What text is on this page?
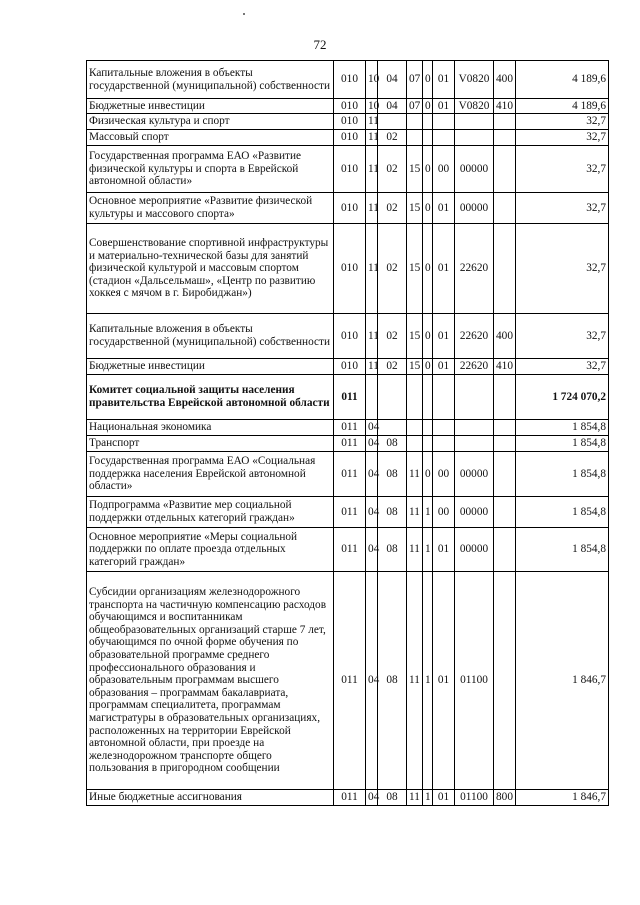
72
Капитальные вложения в объекты государственной (муниципальной) собственности	010	10	04	07	0	01	V0820	400	4 189,6
Бюджетные инвестиции	010	10	04	07	0	01	V0820	410	4 189,6
Физическая культура и спорт	010	11							32,7
Массовый спорт	010	11	02						32,7
Государственная программа ЕАО «Развитие физической культуры и спорта в Еврейской автономной области»	010	11	02	15	0	00	00000		32,7
Основное мероприятие «Развитие физической культуры и массового спорта»	010	11	02	15	0	01	00000		32,7
Совершенствование спортивной инфраструктуры и материально-технической базы для занятий физической культурой и массовым спортом (стадион «Дальсельмаш», «Центр по развитию хоккея с мячом в г. Биробиджан»)	010	11	02	15	0	01	22620		32,7
Капитальные вложения в объекты государственной (муниципальной) собственности	010	11	02	15	0	01	22620	400	32,7
Бюджетные инвестиции	010	11	02	15	0	01	22620	410	32,7
Комитет социальной защиты населения правительства Еврейской автономной области	011								1 724 070,2
Национальная экономика	011	04							1 854,8
Транспорт	011	04	08						1 854,8
Государственная программа ЕАО «Социальная поддержка населения Еврейской автономной области»	011	04	08	11	0	00	00000		1 854,8
Подпрограмма «Развитие мер социальной поддержки отдельных категорий граждан»	011	04	08	11	1	00	00000		1 854,8
Основное мероприятие «Меры социальной поддержки по оплате проезда отдельных категорий граждан»	011	04	08	11	1	01	00000		1 854,8
Субсидии организациям железнодорожного транспорта на частичную компенсацию расходов обучающимся и воспитанникам общеобразовательных организаций старше 7 лет, обучающимся по очной форме обучения по образовательной программе среднего профессионального образования и образовательным программам высшего образования – программам бакалавриата, программам специалитета, программам магистратуры в образовательных организациях, расположенных на территории Еврейской автономной области, при проезде на железнодорожном транспорте общего пользования в пригородном сообщении	011	04	08	11	1	01	01100		1 846,7
Иные бюджетные ассигнования	011	04	08	11	1	01	01100	800	1 846,7
